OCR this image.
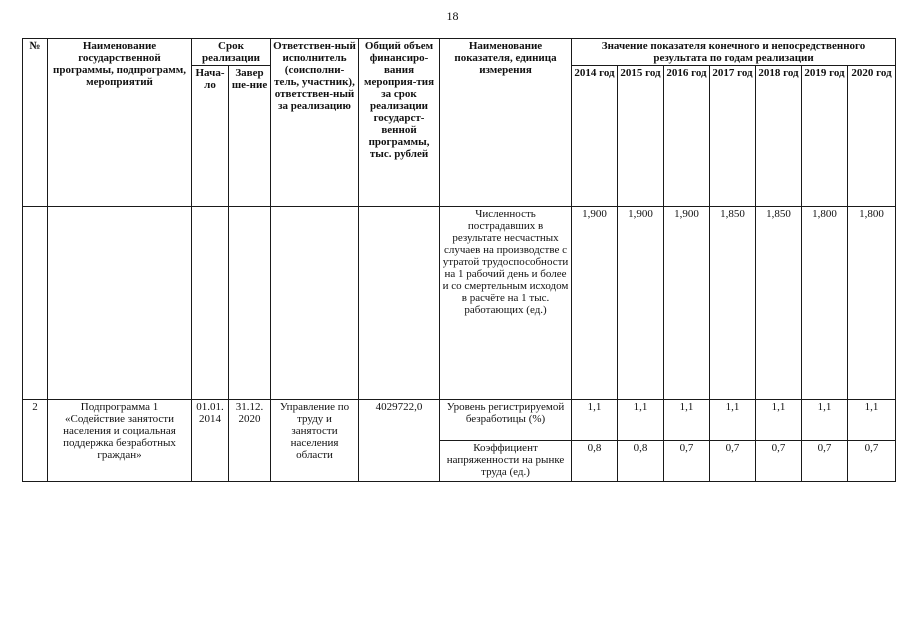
18
№	Наименование государственной программы, подпрограмм, мероприятий	Срок реализации		Ответствен-ный исполнитель (соисполни-тель, участник), ответствен-ный за реализацию	Общий объем финансиро-вания мероприя-тия за срок реализации государст-венной программы, тыс. рублей	Наименование показателя, единица измерения	Значение показателя конечного и непосредственного результата по годам реализации						
		Нача-ло	Завер ше-ние				2014 год	2015 год	2016 год	2017 год	2018 год	2019 год	2020 год
						Численность пострадавших в результате несчастных случаев на производстве с утратой трудоспособности на 1 рабочий день и более и со смертельным исходом в расчёте на 1 тыс. работающих (ед.)	1,900	1,900	1,900	1,850	1,850	1,800	1,800
2	Подпрограмма 1 «Содействие занятости населения и социальная поддержка безработных граждан»	01.01. 2014	31.12. 2020	Управление по труду и занятости населения области	4029722,0	Уровень регистрируемой безработицы (%)	1,1	1,1	1,1	1,1	1,1	1,1	1,1
						Коэффициент напряженности на рынке труда (ед.)	0,8	0,8	0,7	0,7	0,7	0,7	0,7
